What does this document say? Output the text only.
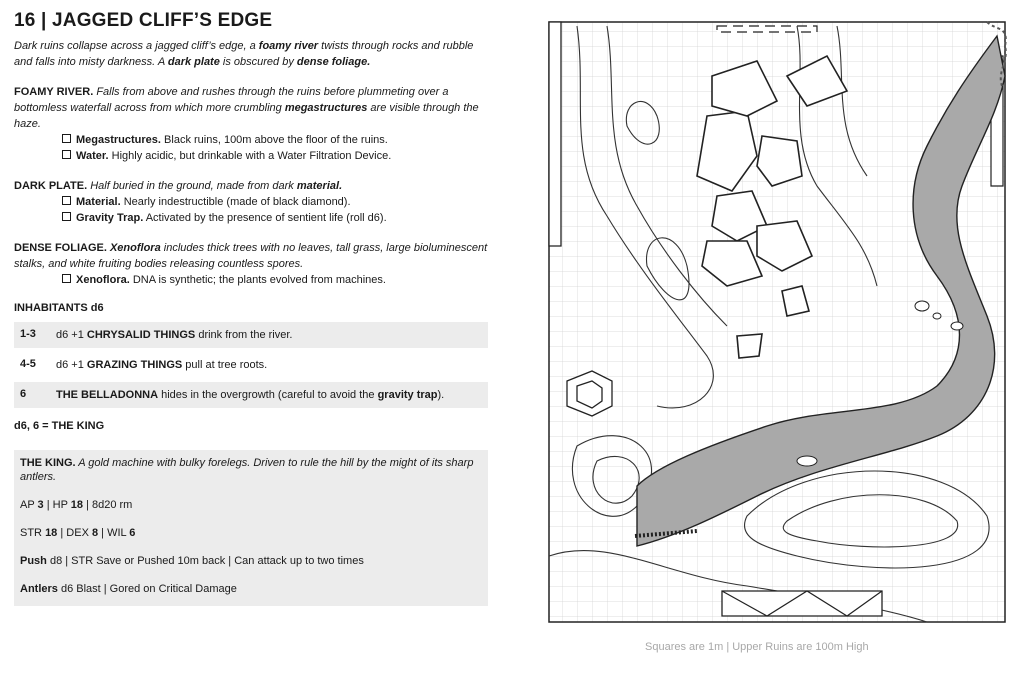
16 | JAGGED CLIFF’S EDGE

Dark ruins collapse across a jagged cliff’s edge, a foamy river twists through rocks and rubble and falls into misty darkness. A dark plate is obscured by dense foliage.

FOAMY RIVER. Falls from above and rushes through the ruins before plummeting over a bottomless waterfall across from which more crumbling megastructures are visible through the haze.

Megastructures. Black ruins, 100m above the floor of the ruins.
Water. Highly acidic, but drinkable with a Water Filtration Device.

DARK PLATE. Half buried in the ground, made from dark material.

Material. Nearly indestructible (made of black diamond).
Gravity Trap. Activated by the presence of sentient life (roll d6).

DENSE FOLIAGE. Xenoflora includes thick trees with no leaves, tall grass, large bioluminescent stalks, and white fruiting bodies releasing countless spores.

Xenoflora. DNA is synthetic; the plants evolved from machines.
INHABITANTS d6
1-3	d6 +1 CHRYSALID THINGS drink from the river.
4-5	d6 +1 GRAZING THINGS pull at tree roots.
6	THE BELLADONNA hides in the overgrowth (careful to avoid the gravity trap).
d6, 6 = THE KING

THE KING. A gold machine with bulky forelegs. Driven to rule the hill by the might of its sharp antlers.

AP 3 | HP 18 | 8d20 rm

STR 18 | DEX 8 | WIL 6

Push d8 | STR Save or Pushed 10m back | Can attack up to two times

Antlers d6 Blast | Gored on Critical Damage

Squares are 1m | Upper Ruins are 100m High
